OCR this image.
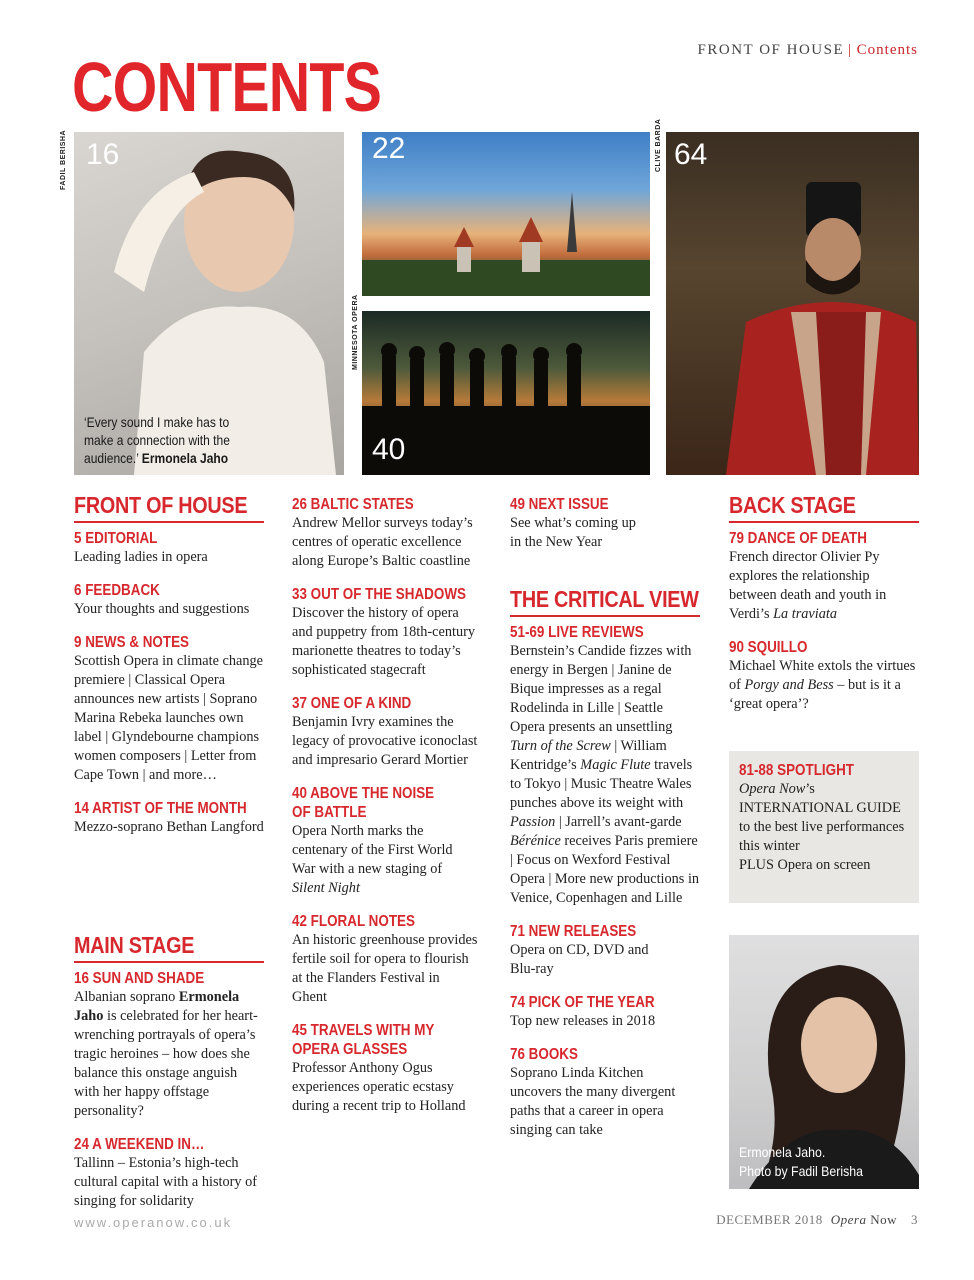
FRONT OF HOUSE | Contents
CONTENTS
16
‘Every sound I make has to make a connection with the audience.’ Ermonela Jaho
FADIL BERISHA	22
40
MINNESOTA OPERA
64
CLIVE BARDA
FRONT OF HOUSE
5 EDITORIAL
Leading ladies in opera
6 FEEDBACK
Your thoughts and suggestions
9 NEWS & NOTES
Scottish Opera in climate change premiere | Classical Opera announces new artists | Soprano Marina Rebeka launches own label | Glyndebourne champions women composers | Letter from Cape Town | and more…
14 ARTIST OF THE MONTH
Mezzo-soprano Bethan Langford
MAIN STAGE
16 SUN AND SHADE
Albanian soprano Ermonela Jaho is celebrated for her heart-wrenching portrayals of opera’s tragic heroines – how does she balance this onstage anguish with her happy offstage personality?
24 A WEEKEND IN…
Tallinn – Estonia’s high-tech cultural capital with a history of singing for solidarity
26 BALTIC STATES
Andrew Mellor surveys today’s centres of operatic excellence along Europe’s Baltic coastline
33 OUT OF THE SHADOWS
Discover the history of opera and puppetry from 18th-century marionette theatres to today’s sophisticated stagecraft
37 ONE OF A KIND
Benjamin Ivry examines the legacy of provocative iconoclast and impresario Gerard Mortier
40 ABOVE THE NOISE
OF BATTLE
Opera North marks the centenary of the First World War with a new staging of Silent Night
42 FLORAL NOTES
An historic greenhouse provides fertile soil for opera to flourish at the Flanders Festival in Ghent
45 TRAVELS WITH MY
OPERA GLASSES
Professor Anthony Ogus experiences operatic ecstasy during a recent trip to Holland
49 NEXT ISSUE
See what’s coming up in the New Year
THE CRITICAL VIEW
51-69 LIVE REVIEWS
Bernstein’s Candide fizzes with energy in Bergen | Janine de Bique impresses as a regal Rodelinda in Lille | Seattle Opera presents an unsettling Turn of the Screw | William Kentridge’s Magic Flute travels to Tokyo | Music Theatre Wales punches above its weight with Passion | Jarrell’s avant-garde Bérénice receives Paris premiere | Focus on Wexford Festival Opera | More new productions in Venice, Copenhagen and Lille
71 NEW RELEASES
Opera on CD, DVD and Blu-ray
74 PICK OF THE YEAR
Top new releases in 2018
76 BOOKS
Soprano Linda Kitchen uncovers the many divergent paths that a career in opera singing can take
BACK STAGE
79 DANCE OF DEATH
French director Olivier Py explores the relationship between death and youth in Verdi’s La traviata
90 SQUILLO
Michael White extols the virtues of Porgy and Bess – but is it a ‘great opera’?
81-88 SPOTLIGHT
Opera Now’s
INTERNATIONAL GUIDE
to the best live performances this winter
PLUS Opera on screen
Ermonela Jaho.
Photo by Fadil Berisha
www.operanow.co.uk	DECEMBER 2018 Opera Now 3
